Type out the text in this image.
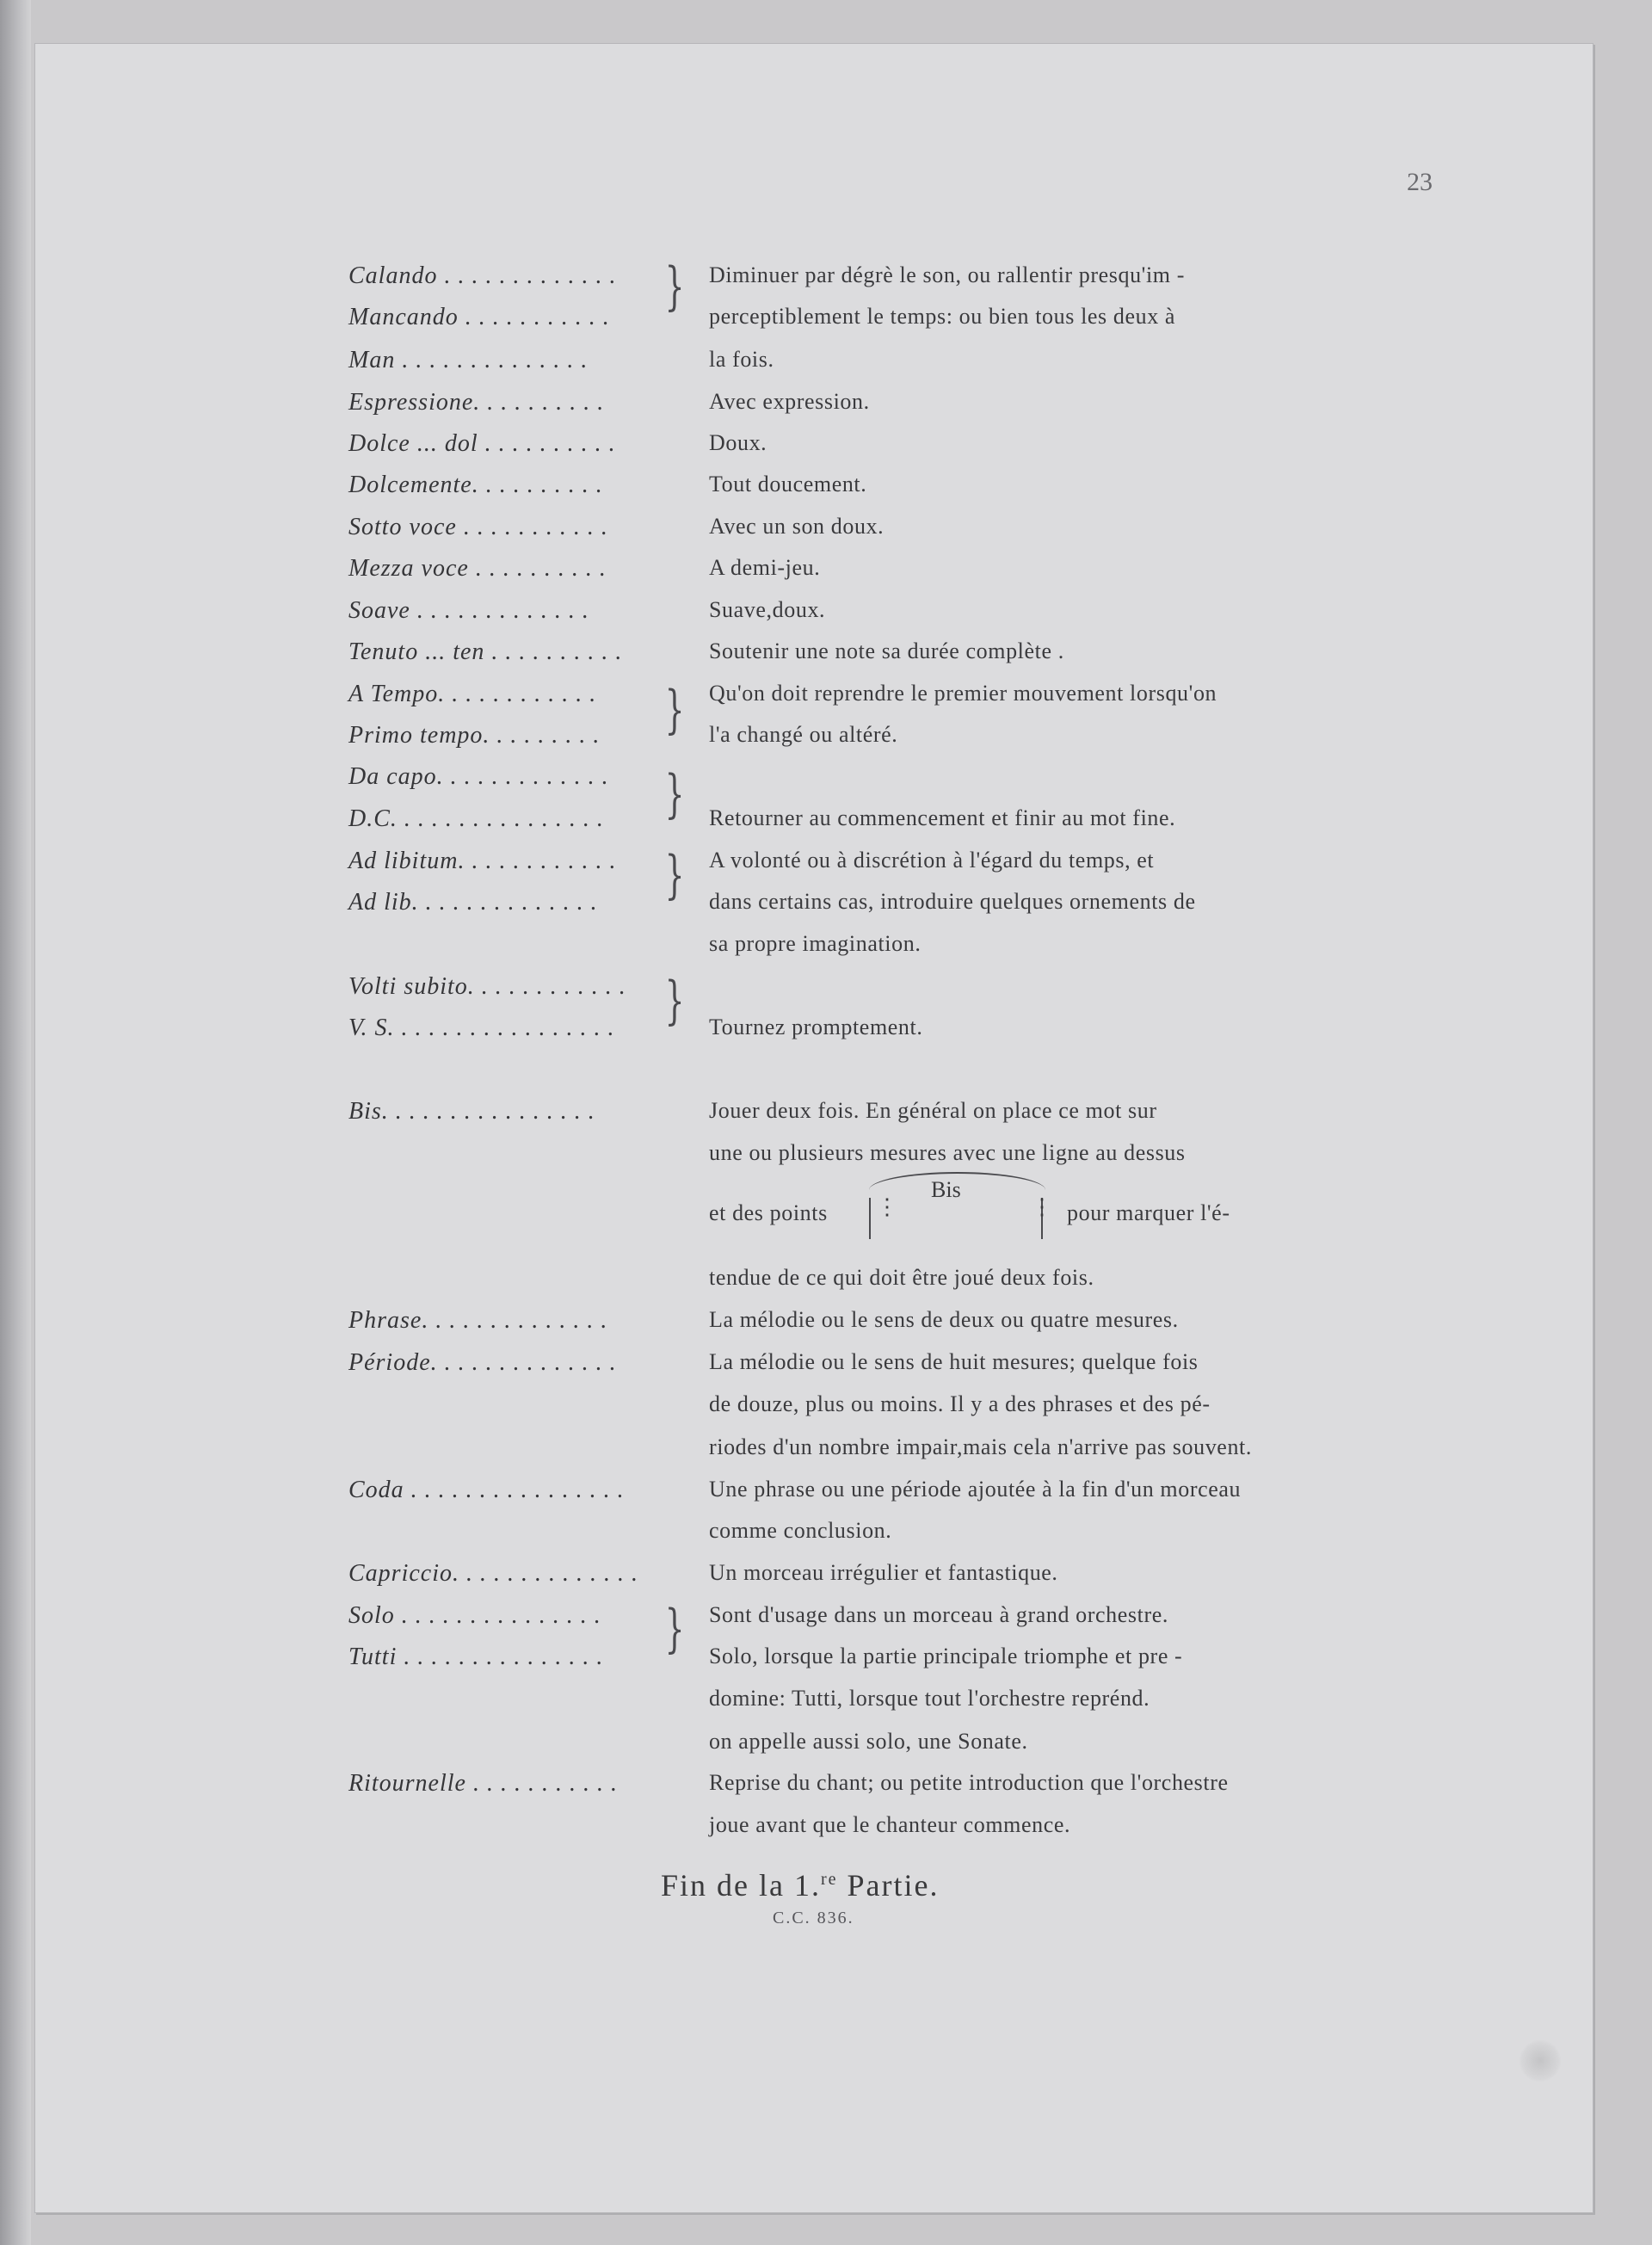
23
Calando . . . . . . . . . . . . .	Diminuer par dégrè le son, ou rallentir presqu'im -
Mancando . . . . . . . . . . .	perceptiblement le temps: ou bien tous les deux à
Man . . . . . . . . . . . . . .	la fois.
Espressione. . . . . . . . . .	Avec expression.
Dolce ... dol . . . . . . . . . .	Doux.
Dolcemente. . . . . . . . . .	Tout doucement.
Sotto voce . . . . . . . . . . .	Avec un son doux.
Mezza voce . . . . . . . . . .	A demi-jeu.
Soave . . . . . . . . . . . . .	Suave,doux.
Tenuto ... ten . . . . . . . . . .	Soutenir une note sa durée complète .
A Tempo. . . . . . . . . . . .	Qu'on doit reprendre le premier mouvement lorsqu'on
Primo tempo. . . . . . . . .	l'a changé ou altéré.
Da capo. . . . . . . . . . . . .
D.C. . . . . . . . . . . . . . . .	Retourner au commencement et finir au mot fine.
Ad libitum. . . . . . . . . . . .	A volonté ou à discrétion à l'égard du temps, et
Ad lib. . . . . . . . . . . . . .	dans certains cas, introduire quelques ornements de
sa propre imagination.
Volti subito. . . . . . . . . . . .
V. S. . . . . . . . . . . . . . . . .	Tournez promptement.
Bis. . . . . . . . . . . . . . . .	Jouer deux fois. En général on place ce mot sur
une ou plusieurs mesures avec une ligne au dessus
et des points
tendue de ce qui doit être joué deux fois.
Phrase. . . . . . . . . . . . . .	La mélodie ou le sens de deux ou quatre mesures.
Période. . . . . . . . . . . . . .	La mélodie ou le sens de huit mesures; quelque fois
de douze, plus ou moins. Il y a des phrases et des pé-
riodes d'un nombre impair,mais cela n'arrive pas souvent.
Coda . . . . . . . . . . . . . . . .	Une phrase ou une période ajoutée à la fin d'un morceau
comme conclusion.
Capriccio. . . . . . . . . . . . . .	Un morceau irrégulier et fantastique.
Solo . . . . . . . . . . . . . . .	Sont d'usage dans un morceau à grand orchestre.
Tutti . . . . . . . . . . . . . . .	Solo, lorsque la partie principale triomphe et pre -
domine: Tutti, lorsque tout l'orchestre reprénd.
on appelle aussi solo, une Sonate.
Ritournelle . . . . . . . . . . .	Reprise du chant; ou petite introduction que l'orchestre
joue avant que le chanteur commence.
}
}
}
}
}
}
Bis
⋮
⋮
pour marquer l'é-
Fin de la 1.$^{re}$ Partie.
C.C. 836.
